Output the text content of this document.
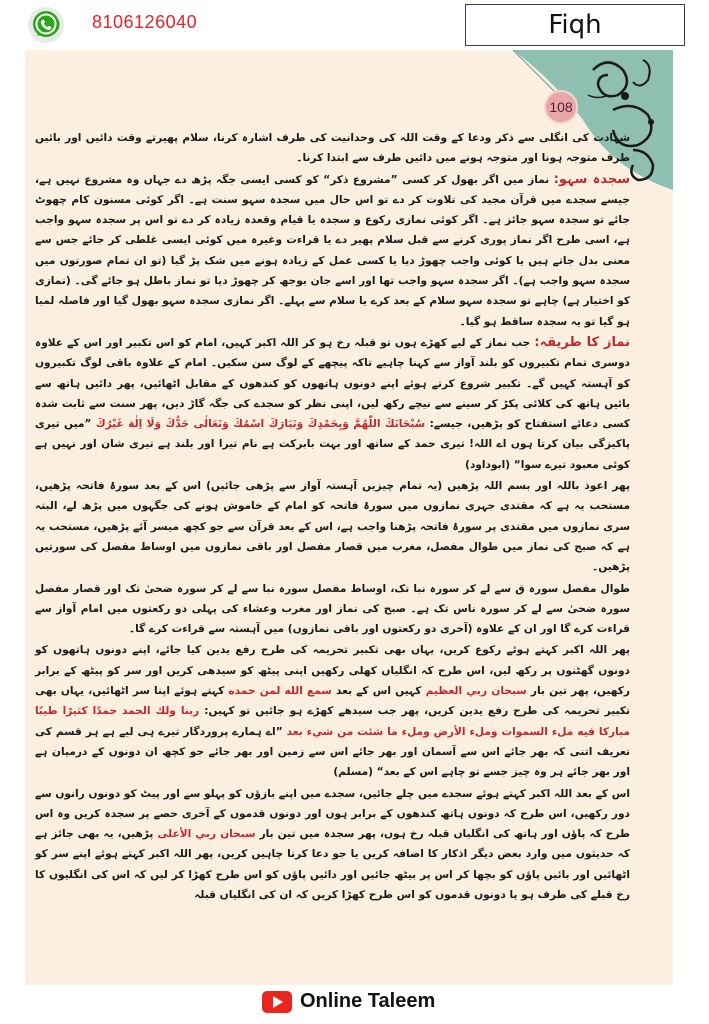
8106126040	Fiqh
108

شہادت کی انگلی سے ذکر ودعا کے وقت اللہ کی وحدانیت کی طرف اشارہ کرنا، سلام پھیرتے وقت دائیں اور بائیں طرف متوجہ ہونا اور متوجہ ہونے میں دائیں طرف سے ابتدا کرنا۔

سجدہ سہو: نماز میں اگر بھول کر کسی ”مشروع ذکر“ کو کسی ایسی جگہ پڑھ دے جہاں وہ مشروع نہیں ہے، جیسے سجدے میں قرآن مجید کی تلاوت کر دے تو اس حال میں سجدہ سہو سنت ہے۔ اگر کوئی مسنون کام چھوٹ جائے تو سجدہ سہو جائز ہے۔ اگر کوئی نمازی رکوع و سجدہ یا قیام وقعدہ زیادہ کر دے تو اس پر سجدہ سہو واجب ہے، اسی طرح اگر نماز پوری کرنے سے قبل سلام پھیر دے یا قراءت وغیرہ میں کوئی ایسی غلطی کر جائے جس سے معنی بدل جاتے ہیں یا کوئی واجب چھوڑ دیا یا کسی عمل کے زیادہ ہونے میں شک پڑ گیا (تو ان تمام صورتوں میں سجدہ سہو واجب ہے)۔ اگر سجدہ سہو واجب تھا اور اسے جان بوجھ کر چھوڑ دیا تو نماز باطل ہو جائے گی۔ (نمازی کو اختیار ہے) چاہے تو سجدہ سہو سلام کے بعد کرے یا سلام سے پہلے۔ اگر نمازی سجدہ سہو بھول گیا اور فاصلہ لمبا ہو گیا تو یہ سجدہ ساقط ہو گیا۔

نماز کا طریقہ: جب نماز کے لیے کھڑے ہوں تو قبلہ رخ ہو کر اللہ اکبر کہیں، امام کو اس تکبیر اور اس کے علاوہ دوسری تمام تکبیروں کو بلند آواز سے کہنا چاہیے تاکہ پیچھے کے لوگ سن سکیں۔ امام کے علاوہ باقی لوگ تکبیروں کو آہستہ کہیں گے۔ تکبیر شروع کرتے ہوئے اپنے دونوں ہاتھوں کو کندھوں کے مقابل اٹھائیں، پھر دائیں ہاتھ سے بائیں ہاتھ کی کلائی پکڑ کر سینے سے نیچے رکھ لیں، اپنی نظر کو سجدے کی جگہ گاڑ دیں، پھر سنت سے ثابت شدہ کسی دعائے استفتاح کو پڑھیں، جیسے: سُبْحَانَكَ اللّٰهُمَّ وَبِحَمْدِكَ وَتَبَارَكَ اسْمُكَ وَتَعَالٰى جَدُّكَ وَلَا اِلٰهَ غَيْرُكَ ”میں تیری پاکیزگی بیان کرتا ہوں اے اللہ! تیری حمد کے ساتھ اور بہت بابرکت ہے نام تیرا اور بلند ہے تیری شان اور نہیں ہے کوئی معبود تیرے سوا“ (ابوداود)

پھر اعوذ باللہ اور بسم اللہ پڑھیں (یہ تمام چیزیں آہستہ آواز سے پڑھی جائیں) اس کے بعد سورۂ فاتحہ پڑھیں، مستحب یہ ہے کہ مقتدی جہری نمازوں میں سورۂ فاتحہ کو امام کے خاموش ہونے کی جگہوں میں پڑھ لے، البتہ سری نمازوں میں مقتدی پر سورۂ فاتحہ پڑھنا واجب ہے، اس کے بعد قرآن سے جو کچھ میسر آئے پڑھیں، مستحب یہ ہے کہ صبح کی نماز میں طوال مفصل، مغرب میں قصار مفصل اور باقی نمازوں میں اوساط مفصل کی سورتیں پڑھیں۔

طوال مفصل سورہ ق سے لے کر سورہ نبا تک، اوساط مفصل سورہ نبا سے لے کر سورہ ضحیٰ تک اور قصار مفصل سورہ ضحیٰ سے لے کر سورہ ناس تک ہے۔ صبح کی نماز اور مغرب وعشاء کی پہلی دو رکعتوں میں امام آواز سے قراءت کرے گا اور ان کے علاوہ (آخری دو رکعتوں اور باقی نمازوں) میں آہستہ سے قراءت کرے گا۔

پھر اللہ اکبر کہتے ہوئے رکوع کریں، یہاں بھی تکبیر تحریمہ کی طرح رفع یدین کیا جائے، اپنے دونوں ہاتھوں کو دونوں گھٹنوں پر رکھ لیں، اس طرح کہ انگلیاں کھلی رکھیں اپنی پیٹھ کو سیدھی کریں اور سر کو پیٹھ کے برابر رکھیں، پھر تین بار سبحان ربي العظيم کہیں اس کے بعد سمع الله لمن حمده کہتے ہوئے اپنا سر اٹھائیں، یہاں بھی تکبیر تحریمہ کی طرح رفع یدین کریں، پھر جب سیدھے کھڑے ہو جائیں تو کہیں: ربنا ولك الحمد حمدًا كثيرًا طيبًا مباركا فيه ملء السموات وملء الأرض وملء ما شئت من شيء بعد ”اے ہمارے پروردگار تیرے ہی لیے ہے ہر قسم کی تعریف اتنی کہ بھر جائے اس سے آسمان اور بھر جائے اس سے زمین اور بھر جائے جو کچھ ان دونوں کے درمیان ہے اور بھر جائے ہر وہ چیز جسے تو چاہے اس کے بعد“ (مسلم)

اس کے بعد اللہ اکبر کہتے ہوئے سجدے میں چلے جائیں، سجدے میں اپنے بازؤں کو پہلو سے اور پیٹ کو دونوں رانوں سے دور رکھیں، اس طرح کہ دونوں ہاتھ کندھوں کے برابر ہوں اور دونوں قدموں کے آخری حصے پر سجدہ کریں وہ اس طرح کہ پاؤں اور ہاتھ کی انگلیاں قبلہ رخ ہوں، پھر سجدہ میں تین بار سبحان ربي الأعلى پڑھیں، یہ بھی جائز ہے کہ حدیثوں میں وارد بعض دیگر اذکار کا اضافہ کریں یا جو دعا کرنا چاہیں کریں، پھر اللہ اکبر کہتے ہوئے اپنے سر کو اٹھائیں اور بائیں پاؤں کو بچھا کر اس پر بیٹھ جائیں اور دائیں پاؤں کو اس طرح کھڑا کر لیں کہ اس کی انگلیوں کا رخ قبلے کی طرف ہو یا دونوں قدموں کو اس طرح کھڑا کریں کہ ان کی انگلیاں قبلہ

Online Taleem
